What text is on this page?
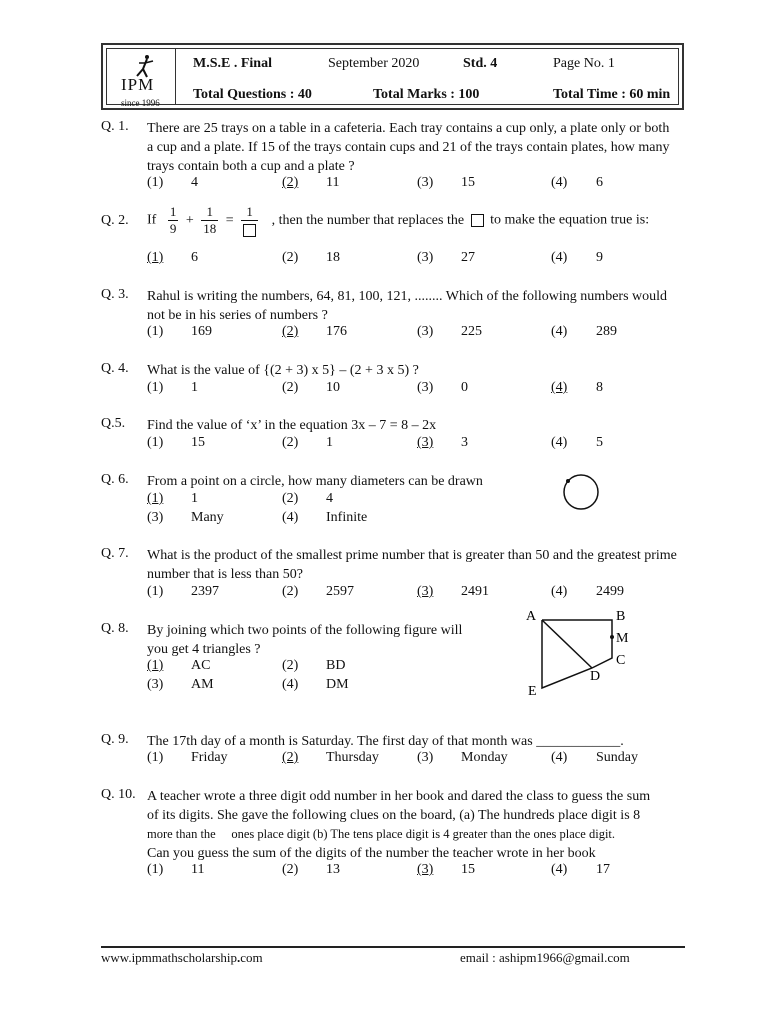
IPM
since 1996
M.S.E . Final	September 2020	Std. 4	Page No. 1
Total Questions : 40	Total Marks : 100	Total Time : 60 min
Q. 1. There are 25 trays on a table in a cafeteria. Each tray contains a cup only, a plate only or both a cup and a plate. If 15 of the trays contain cups and 21 of the trays contain plates, how many trays contain both a cup and a plate ?
(1) 4	(2) 11	(3) 15	(4) 6
Q. 2. If $\frac{1}{9} + \frac{1}{18}$ =
1
, then the number that replaces the to make the equation true is:
(1) 6	(2) 18	(3) 27	(4) 9
Q. 3. Rahul is writing the numbers, 64, 81, 100, 121, ........ Which of the following numbers would not be in his series of numbers ?
(1) 169	(2) 176	(3) 225	(4) 289
Q. 4. What is the value of {(2 + 3) x 5} – (2 + 3 x 5) ?
(1) 1	(2) 10	(3) 0	(4) 8
Q.5. Find the value of ‘x’ in the equation 3x – 7 = 8 – 2x
(1) 15	(2) 1	(3) 3	(4) 5
Q. 6. From a point on a circle, how many diameters can be drawn
(1) 1	(2) 4
(3) Many	(4) Infinite
Q. 7. What is the product of the smallest prime number that is greater than 50 and the greatest prime number that is less than 50?
(1) 2397	(2) 2597	(3) 2491	(4) 2499
Q. 8. By joining which two points of the following figure will you get 4 triangles ?
(1) AC	(2) BD
(3) AM	(4) DM
A	B
M
C
D
E
Q. 9. The 17th day of a month is Saturday. The first day of that month was ____________.
(1) Friday	(2) Thursday	(3) Monday	(4) Sunday
Q. 10. A teacher wrote a three digit odd number in her book and dared the class to guess the sum
of its digits. She gave the following clues on the board, (a) The hundreds place digit is 8
more than the     ones place digit (b) The tens place digit is 4 greater than the ones place digit.
Can you guess the sum of the digits of the number the teacher wrote in her book
(1) 11	(2) 13	(3) 15	(4) 17
www.ipmmathscholarship.com	email : ashipm1966@gmail.com
